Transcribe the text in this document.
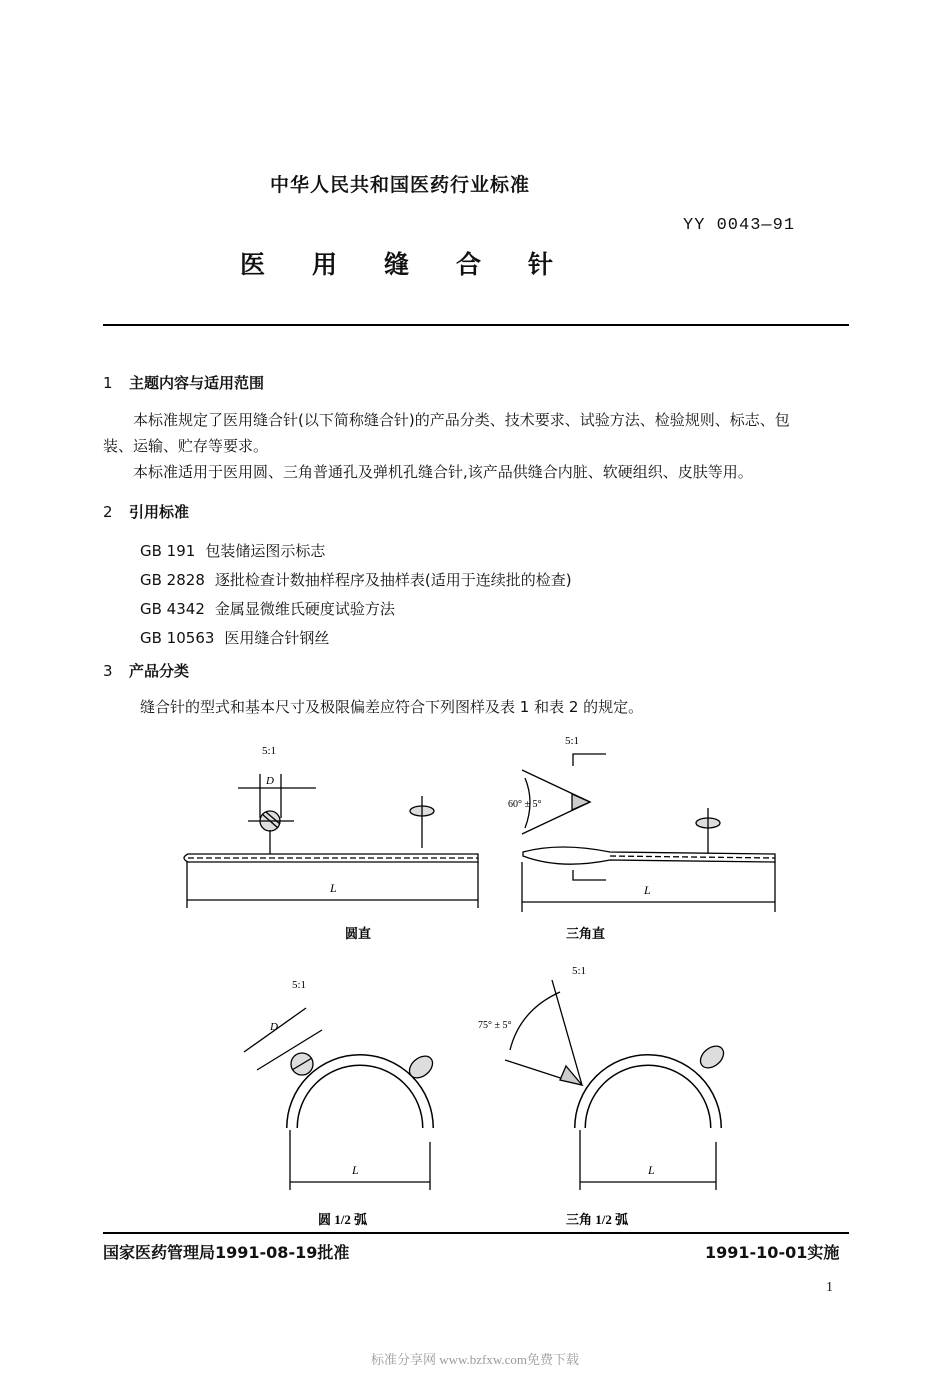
中华人民共和国医药行业标准
YY 0043—91
医 用 缝 合 针
1 主题内容与适用范围
本标准规定了医用缝合针(以下简称缝合针)的产品分类、技术要求、试验方法、检验规则、标志、包
装、运输、贮存等要求。
本标准适用于医用圆、三角普通孔及弹机孔缝合针,该产品供缝合内脏、软硬组织、皮肤等用。
2 引用标准
GB 191 包装储运图示标志
GB 2828 逐批检查计数抽样程序及抽样表(适用于连续批的检查)
GB 4342 金属显微维氏硬度试验方法
GB 10563 医用缝合针钢丝
3 产品分类
缝合针的型式和基本尺寸及极限偏差应符合下列图样及表 1 和表 2 的规定。
5:1
D
L
圆直
5:1
60° ± 5°
L
三角直
5:1
D
L
圆 1/2 弧
5:1
75° ± 5°
L
三角 1/2 弧
国家医药管理局1991-08-19批准	1991-10-01实施
1
标准分享网 www.bzfxw.com免费下载
